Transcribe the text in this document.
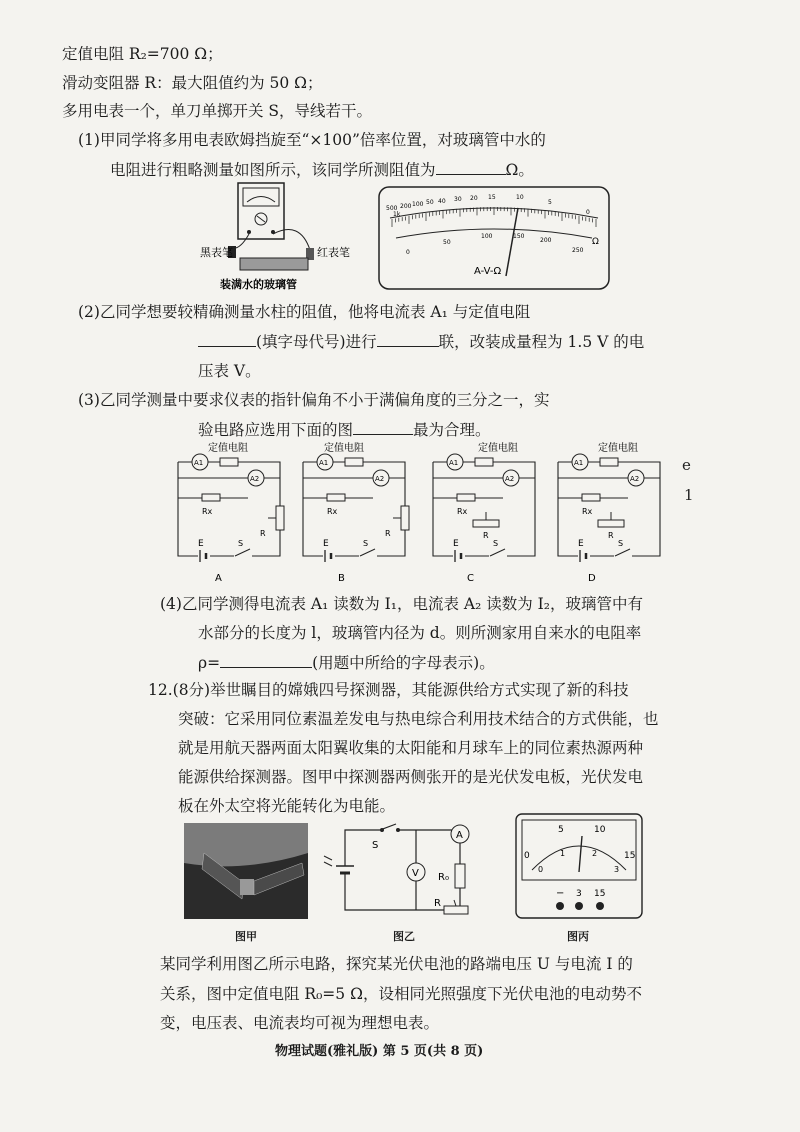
定值电阻 R₂=700 Ω；
滑动变阻器 R：最大阻值约为 50 Ω；
多用电表一个，单刀单掷开关 S，导线若干。
(1)甲同学将多用电表欧姆挡旋至“×100”倍率位置，对玻璃管中水的
电阻进行粗略测量如图所示，该同学所测阻值为	Ω。
黑表笔	红表笔
装满水的玻璃管
500
1k
200 100 50 40 30 20 15	10
5
0
Ω
0
50
100	150
200
250
A-V-Ω
(2)乙同学想要较精确测量水柱的阻值，他将电流表 A₁ 与定值电阻
(填字母代号)进行	联，改装成量程为 1.5 V 的电
压表 V。
(3)乙同学测量中要求仪表的指针偏角不小于满偏角度的三分之一，实
验电路应选用下面的图	最为合理。
A1
A2
Rx
R
E	S
A1
A2
Rx
R
E	S
A1
A2
Rx
R
E	S
A1
A2
Rx
R
E	S
定值电阻	定值电阻	定值电阻	定值电阻
A	B	C	D
e
1
(4)乙同学测得电流表 A₁ 读数为 I₁，电流表 A₂ 读数为 I₂，玻璃管中有
水部分的长度为 l，玻璃管内径为 d。则所测家用自来水的电阻率
ρ=	(用题中所给的字母表示)。
12.(8分)举世瞩目的嫦娥四号探测器，其能源供给方式实现了新的科技
突破：它采用同位素温差发电与热电综合利用技术结合的方式供能，也
就是用航天器两面太阳翼收集的太阳能和月球车上的同位素热源两种
能源供给探测器。图甲中探测器两侧张开的是光伏发电板，光伏发电
板在外太空将光能转化为电能。
图甲
S
A
V R₀
R
图乙
5	10
0	15
0
1	2
3
− 3 15
图丙
某同学利用图乙所示电路，探究某光伏电池的路端电压 U 与电流 I 的
关系，图中定值电阻 R₀=5 Ω，设相同光照强度下光伏电池的电动势不
变，电压表、电流表均可视为理想电表。
物理试题(雅礼版) 第 5 页(共 8 页)
